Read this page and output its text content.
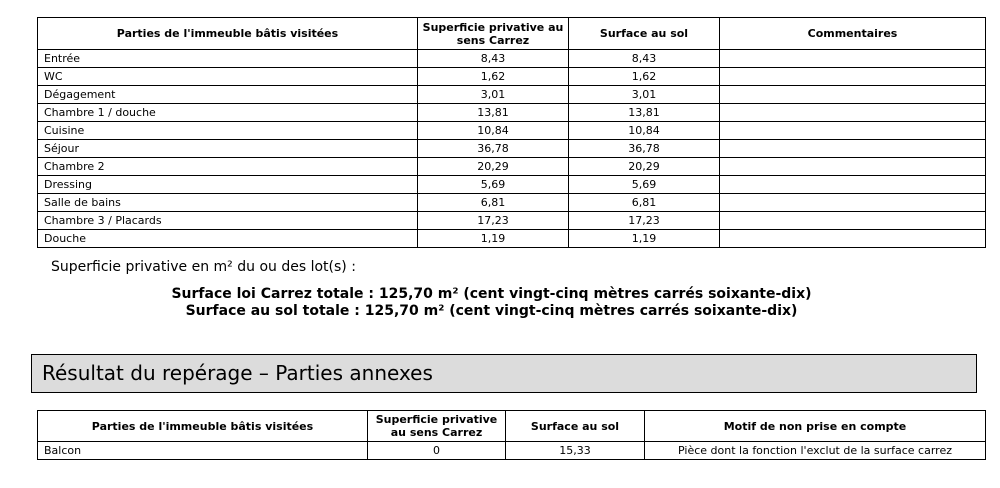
Parties de l'immeuble bâtis visitées	Superficie privative au sens Carrez	Surface au sol	Commentaires
Entrée	8,43	8,43	
WC	1,62	1,62	
Dégagement	3,01	3,01	
Chambre 1 / douche	13,81	13,81	
Cuisine	10,84	10,84	
Séjour	36,78	36,78	
Chambre 2	20,29	20,29	
Dressing	5,69	5,69	
Salle de bains	6,81	6,81	
Chambre 3 / Placards	17,23	17,23	
Douche	1,19	1,19	
Superficie privative en m² du ou des lot(s) :
Surface loi Carrez totale : 125,70 m² (cent vingt-cinq mètres carrés soixante-dix)
Surface au sol totale : 125,70 m² (cent vingt-cinq mètres carrés soixante-dix)
Résultat du repérage – Parties annexes
Parties de l'immeuble bâtis visitées	Superficie privative au sens Carrez	Surface au sol	Motif de non prise en compte
Balcon	0	15,33	Pièce dont la fonction l'exclut de la surface carrez
